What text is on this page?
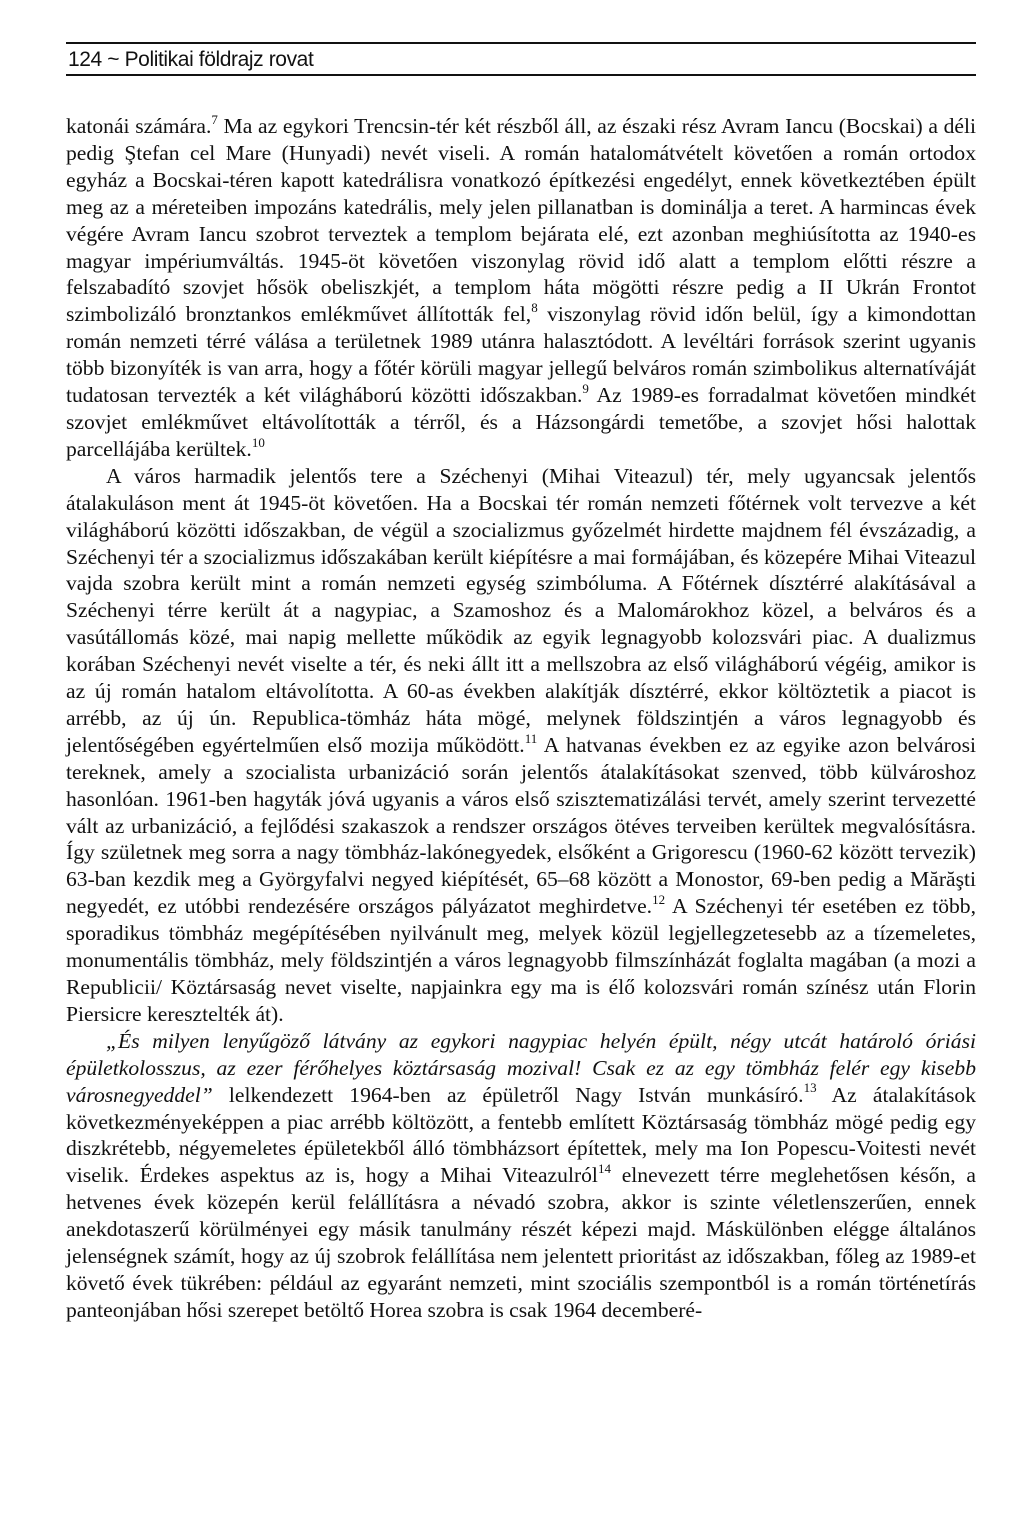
124 ~ Politikai földrajz rovat

katonái számára.$^7$ Ma az egykori Trencsin-tér két részből áll, az északi rész Avram Iancu (Bocskai) a déli pedig Ştefan cel Mare (Hunyadi) nevét viseli. A román hatalomátvételt követően a román ortodox egyház a Bocskai-téren kapott katedrálisra vonatkozó építkezési engedélyt, ennek következtében épült meg az a méreteiben impozáns katedrális, mely jelen pillanatban is dominálja a teret. A harmincas évek végére Avram Iancu szobrot terveztek a templom bejárata elé, ezt azonban meghiúsította az 1940-es magyar impériumváltás. 1945-öt követően viszonylag rövid idő alatt a templom előtti részre a felszabadító szovjet hősök obeliszkjét, a templom háta mögötti részre pedig a II Ukrán Frontot szimbolizáló bronztankos emlékművet állították fel,$^8$ viszonylag rövid időn belül, így a kimondottan román nemzeti térré válása a területnek 1989 utánra halasztódott. A levéltári források szerint ugyanis több bizonyíték is van arra, hogy a főtér körüli magyar jellegű belváros román szimbolikus alternatíváját tudatosan tervezték a két világháború közötti időszakban.$^9$ Az 1989-es forradalmat követően mindkét szovjet emlékművet eltávolították a térről, és a Házsongárdi temetőbe, a szovjet hősi halottak parcellájába kerültek.$^{10}$

A város harmadik jelentős tere a Széchenyi (Mihai Viteazul) tér, mely ugyancsak jelentős átalakuláson ment át 1945-öt követően. Ha a Bocskai tér román nemzeti főtérnek volt tervezve a két világháború közötti időszakban, de végül a szocializmus győzelmét hirdette majdnem fél évszázadig, a Széchenyi tér a szocializmus időszakában került kiépítésre a mai formájában, és közepére Mihai Viteazul vajda szobra került mint a román nemzeti egység szimbóluma. A Főtérnek dísztérré alakításával a Széchenyi térre került át a nagypiac, a Szamoshoz és a Malomárokhoz közel, a belváros és a vasútállomás közé, mai napig mellette működik az egyik legnagyobb kolozsvári piac. A dualizmus korában Széchenyi nevét viselte a tér, és neki állt itt a mellszobra az első világháború végéig, amikor is az új román hatalom eltávolította. A 60-as években alakítják dísztérré, ekkor költöztetik a piacot is arrébb, az új ún. Republica-tömház háta mögé, melynek földszintjén a város legnagyobb és jelentőségében egyértelműen első mozija működött.$^{11}$ A hatvanas években ez az egyike azon belvárosi tereknek, amely a szocialista urbanizáció során jelentős átalakításokat szenved, több külvároshoz hasonlóan. 1961-ben hagyták jóvá ugyanis a város első szisztematizálási tervét, amely szerint tervezetté vált az urbanizáció, a fejlődési szakaszok a rendszer országos ötéves terveiben kerültek megvalósításra. Így születnek meg sorra a nagy tömbház-lakónegyedek, elsőként a Grigorescu (1960-62 között tervezik) 63-ban kezdik meg a Györgyfalvi negyed kiépítését, 65–68 között a Monostor, 69-ben pedig a Mărăşti negyedét, ez utóbbi rendezésére országos pályázatot meghirdetve.$^{12}$ A Széchenyi tér esetében ez több, sporadikus tömbház megépítésében nyilvánult meg, melyek közül legjellegzetesebb az a tízemeletes, monumentális tömbház, mely földszintjén a város legnagyobb filmszínházát foglalta magában (a mozi a Republicii/ Köztársaság nevet viselte, napjainkra egy ma is élő kolozsvári román színész után Florin Piersicre keresztelték át).

„És milyen lenyűgöző látvány az egykori nagypiac helyén épült, négy utcát határoló óriási épületkolosszus, az ezer férőhelyes köztársaság mozival! Csak ez az egy tömbház felér egy kisebb városnegyeddel” lelkendezett 1964-ben az épületről Nagy István munkásíró.$^{13}$ Az átalakítások következményeképpen a piac arrébb költözött, a fentebb említett Köztársaság tömbház mögé pedig egy diszkrétebb, négyemeletes épületekből álló tömbházsort építettek, mely ma Ion Popescu-Voitesti nevét viselik. Érdekes aspektus az is, hogy a Mihai Viteazulról$^{14}$ elnevezett térre meglehetősen későn, a hetvenes évek közepén kerül felállításra a névadó szobra, akkor is szinte véletlenszerűen, ennek anekdotaszerű körülményei egy másik tanulmány részét képezi majd. Máskülönben elégge általános jelenségnek számít, hogy az új szobrok felállítása nem jelentett prioritást az időszakban, főleg az 1989-et követő évek tükrében: például az egyaránt nemzeti, mint szociális szempontból is a román történetírás panteonjában hősi szerepet betöltő Horea szobra is csak 1964 decemberé-
